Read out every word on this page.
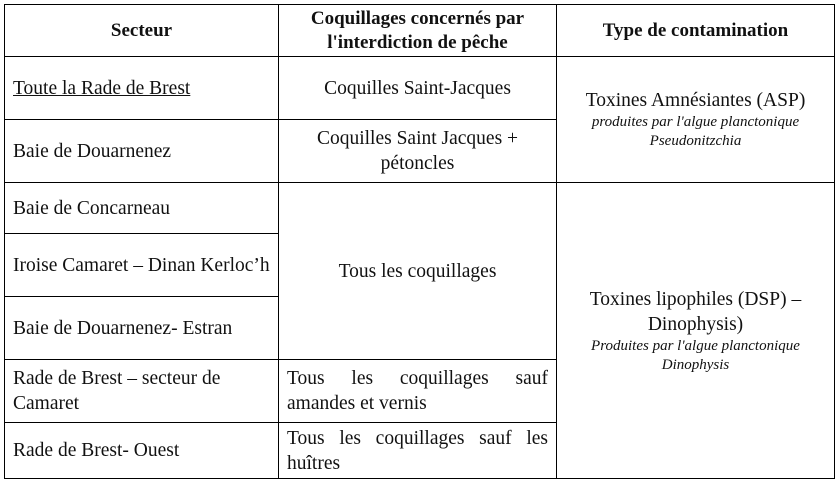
Secteur	Coquillages concernés par l'interdiction de pêche	Type de contamination
Toute la Rade de Brest	Coquilles Saint-Jacques	Toxines Amnésiantes (ASP)
produites par l'algue planctonique Pseudonitzchia

Baie de Douarnenez	Coquilles Saint Jacques + pétoncles	
Baie de Concarneau	Tous les coquillages	Toxines lipophiles (DSP) – Dinophysis)
Produites par l'algue planctonique Dinophysis

Iroise Camaret – Dinan Kerloc’h		
Baie de Douarnenez- Estran		
Rade de Brest – secteur de Camaret	Tous les coquillages sauf amandes et vernis	
Rade de Brest- Ouest	Tous les coquillages sauf les huîtres	
